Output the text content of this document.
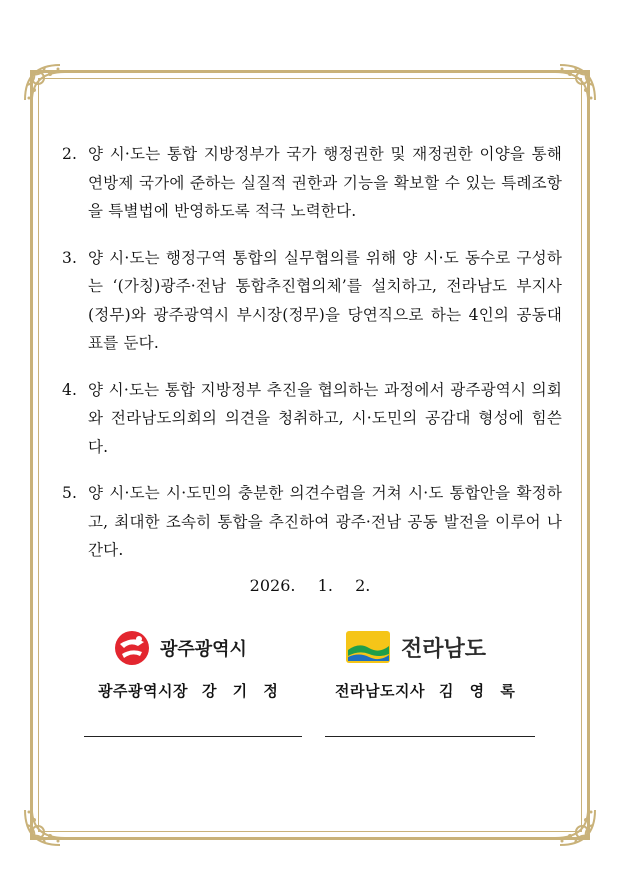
2. 양 시·도는 통합 지방정부가 국가 행정권한 및 재정권한 이양을 통해 연방제 국가에 준하는 실질적 권한과 기능을 확보할 수 있는 특례조항을 특별법에 반영하도록 적극 노력한다.
3. 양 시·도는 행정구역 통합의 실무협의를 위해 양 시·도 동수로 구성하는 ‘(가칭)광주·전남 통합추진협의체’를 설치하고, 전라남도 부지사(정무)와 광주광역시 부시장(정무)을 당연직으로 하는 4인의 공동대표를 둔다.
4. 양 시·도는 통합 지방정부 추진을 협의하는 과정에서 광주광역시 의회와 전라남도의회의 의견을 청취하고, 시·도민의 공감대 형성에 힘쓴다.
5. 양 시·도는 시·도민의 충분한 의견수렴을 거쳐 시·도 통합안을 확정하고, 최대한 조속히 통합을 추진하여 광주·전남 공동 발전을 이루어 나간다.
2026.  1.  2.
광주광역시	전라남도
광주광역시장 강 기 정	전라남도지사 김 영 록
